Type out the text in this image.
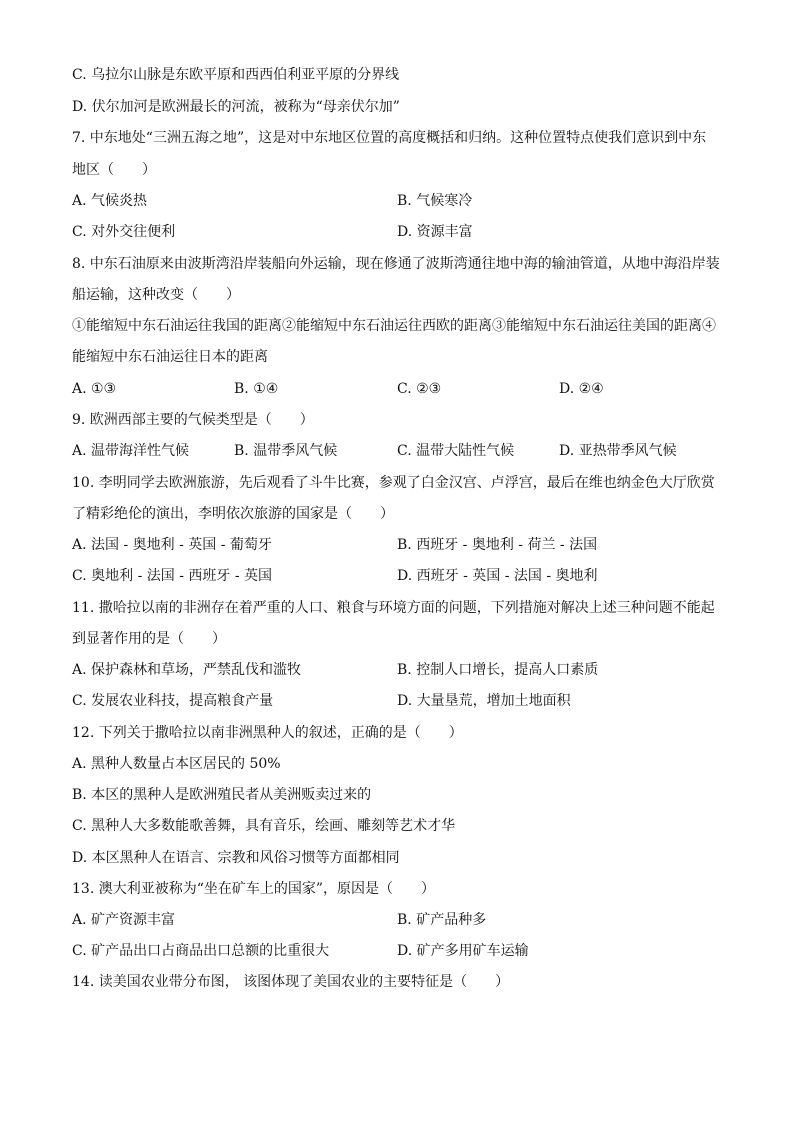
C. 乌拉尔山脉是东欧平原和西西伯利亚平原的分界线
D. 伏尔加河是欧洲最长的河流，被称为“母亲伏尔加”
7. 中东地处“三洲五海之地”，这是对中东地区位置的高度概括和归纳。这种位置特点使我们意识到中东
地区（　　）
A. 气候炎热	B. 气候寒冷
C. 对外交往便利	D. 资源丰富
8. 中东石油原来由波斯湾沿岸装船向外运输，现在修通了波斯湾通往地中海的输油管道，从地中海沿岸装
船运输，这种改变（　　）
①能缩短中东石油运往我国的距离②能缩短中东石油运往西欧的距离③能缩短中东石油运往美国的距离④
能缩短中东石油运往日本的距离
A. ①③	B. ①④	C. ②③	D. ②④
9. 欧洲西部主要的气候类型是（　　）
A. 温带海洋性气候	B. 温带季风气候	C. 温带大陆性气候	D. 亚热带季风气候
10. 李明同学去欧洲旅游，先后观看了斗牛比赛，参观了白金汉宫、卢浮宫，最后在维也纳金色大厅欣赏
了精彩绝伦的演出，李明依次旅游的国家是（　　）
A. 法国 - 奥地利 - 英国 - 葡萄牙	B. 西班牙 - 奥地利 - 荷兰 - 法国
C. 奥地利 - 法国 - 西班牙 - 英国	D. 西班牙 - 英国 - 法国 - 奥地利
11. 撒哈拉以南的非洲存在着严重的人口、粮食与环境方面的问题，下列措施对解决上述三种问题不能起
到显著作用的是（　　）
A. 保护森林和草场，严禁乱伐和滥牧	B. 控制人口增长，提高人口素质
C. 发展农业科技，提高粮食产量	D. 大量垦荒，增加土地面积
12. 下列关于撒哈拉以南非洲黑种人的叙述，正确的是（　　）
A. 黑种人数量占本区居民的 50%
B. 本区的黑种人是欧洲殖民者从美洲贩卖过来的
C. 黑种人大多数能歌善舞，具有音乐，绘画、雕刻等艺术才华
D. 本区黑种人在语言、宗教和风俗习惯等方面都相同
13. 澳大利亚被称为“坐在矿车上的国家”，原因是（　　）
A. 矿产资源丰富	B. 矿产品种多
C. 矿产品出口占商品出口总额的比重很大	D. 矿产多用矿车运输
14. 读美国农业带分布图， 该图体现了美国农业的主要特征是（　　）
